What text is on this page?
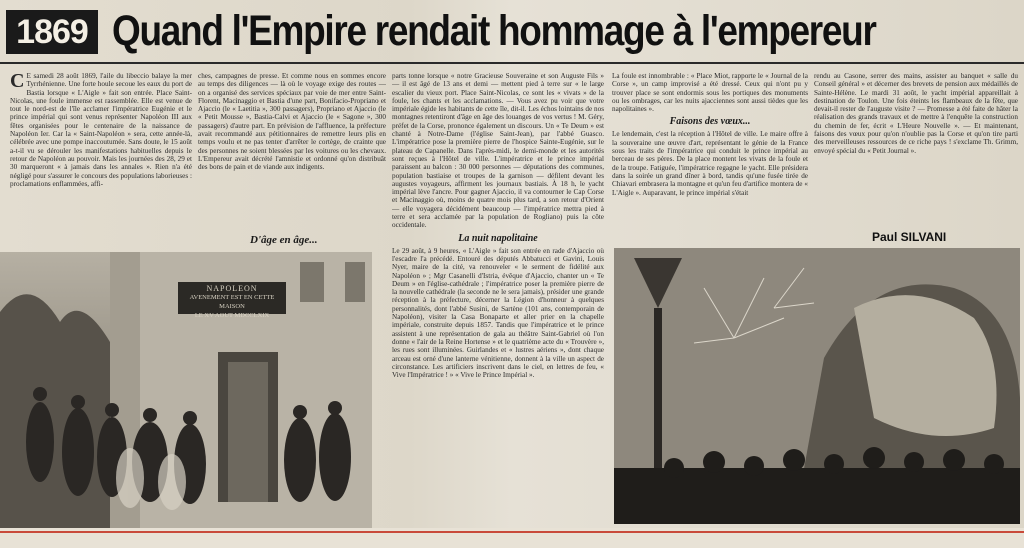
1869 Quand l'Empire rendait hommage à l'empereur
C E samedi 28 août 1869, l'aile du libeccio balaye la mer Tyrrhénienne. Une forte houle secoue les eaux du port de Bastia lorsque « L'Aigle » fait son entrée. Place Saint-Nicolas, une foule immense est rassemblée. Elle est venue de tout le nord-est de l'île acclamer l'impératrice Eugénie et le prince impérial qui sont venus représenter Napoléon III aux fêtes organisées pour le centenaire de la naissance de Napoléon Ier. Car la « Saint-Napoléon » sera, cette année-là, célébrée avec une pompe inaccoutumée. Sans doute, le 15 août a-t-il vu se dérouler les manifestations habituelles depuis le retour de Napoléon au pouvoir. Mais les journées des 28, 29 et 30 marqueront « à jamais dans les annales ». Rien n'a été négligé pour s'assurer le concours des populations laborieuses : proclamations enflammées, affi-
ches, campagnes de presse. Et comme nous en sommes encore au temps des diligences — là où le voyage exige des routes — on a organisé des services spéciaux par voie de mer entre Saint-Florent, Macinaggio et Bastia d'une part, Bonifacio-Propriano et Ajaccio (le « Laetitia », 300 passagers), Propriano et Ajaccio (le « Petit Mousse », Bastia-Calvi et Ajaccio (le « Sagone », 300 passagers) d'autre part. En prévision de l'affluence, la préfecture avait recommandé aux pétitionnaires de remettre leurs plis en temps voulu et ne pas tenter d'arrêter le cortège, de crainte que des personnes ne soient blessées par les voitures ou les chevaux. L'Empereur avait décrété l'amnistie et ordonné qu'on distribuât des bons de pain et de viande aux indigents.
D'âge en âge...
parts tonne lorsque « notre Gracieuse Souveraine et son Auguste Fils » — il est âgé de 13 ans et demi — mettent pied à terre sur « le large escalier du vieux port. Place Saint-Nicolas, ce sont les « vivats » de la foule, les chants et les acclamations. — Vous avez pu voir que votre impériale égide les habitants de cette île, dit-il. Les échos lointains de nos montagnes retentiront d'âge en âge des louanges de vos vertus ! M. Géry, préfet de la Corse, prononce également un discours. Un « Te Deum » est chanté à Notre-Dame (l'église Saint-Jean), par l'abbé Guasco. L'impératrice pose la première pierre de l'hospice Sainte-Eugénie, sur le plateau de Capanelle. Dans l'après-midi, le demi-monde et les autorités sont reçues à l'Hôtel de ville. L'impératrice et le prince impérial paraissent au balcon : 30 000 personnes — députations des communes, population bastiaise et troupes de la garnison — défilent devant les augustes voyageurs, affirment les journaux bastiais. À 18 h, le yacht impérial lève l'ancre. Pour gagner Ajaccio, il va contourner le Cap Corse et Macinaggio où, moins de quatre mois plus tard, a son retour d'Orient — elle voyagera décidément beaucoup — l'impératrice mettra pied à terre et sera acclamée par la population de Rogliano) puis la côte occidentale.
La nuit napolitaine
Le 29 août, à 9 heures, « L'Aigle » fait son entrée en rade d'Ajaccio où l'escadre l'a précédé. Entouré des députés Abbatucci et Gavini, Louis Nyer, maire de la cité, va renouveler « le serment de fidélité aux Napoléon » ; Mgr Casanelli d'Istria, évêque d'Ajaccio, chanter un « Te Deum » en l'église-cathédrale ; l'impératrice poser la première pierre de la nouvelle cathédrale (la seconde ne le sera jamais), présider une grande réception à la préfecture, décerner la Légion d'honneur à quelques personnalités, dont l'abbé Susini, de Sartène (101 ans, contemporain de Napoléon), visiter la Casa Bonaparte et aller prier en la chapelle impériale, construite depuis 1857. Tandis que l'impératrice et le prince assistent à une représentation de gala au théâtre Saint-Gabriel où l'on donne « l'air de la Reine Hortense » et le quatrième acte du « Trouvère », les rues sont illuminées. Guirlandes et « lustres aériens », dont chaque arceau est orné d'une lanterne vénitienne, donnent à la ville un aspect de circonstance. Les artificiers inscrivent dans le ciel, en lettres de feu, « Vive l'Impératrice ! » « Vive le Prince Impérial ».
La foule est innombrable : « Place Miot, rapporte le « Journal de la Corse », un camp improvisé a été dressé. Ceux qui n'ont pu y trouver place se sont endormis sous les portiques des monuments ou les ombrages, car les nuits ajacciennes sont aussi tièdes que les napolitaines ».
Faisons des vœux...
Le lendemain, c'est la réception à l'Hôtel de ville. Le maire offre à la souveraine une œuvre d'art, représentant le génie de la France sous les traits de l'impératrice qui conduit le prince impérial au berceau de ses pères. De la place montent les vivats de la foule et de la troupe. Fatiguée, l'impératrice regagne le yacht. Elle présidera dans la soirée un grand dîner à bord, tandis qu'une fusée tirée de Chiavari embrasera la montagne et qu'un feu d'artifice montera de « L'Aigle ». Auparavant, le prince impérial s'était
rendu au Casone, serrer des mains, assister au banquet « salle du Conseil général » et décerner des brevets de pension aux médaillés de Sainte-Hélène. Le mardi 31 août, le yacht impérial appareillait à destination de Toulon. Une fois éteints les flambeaux de la fête, que devait-il rester de l'auguste visite ? — Promesse a été faite de hâter la réalisation des grands travaux et de mettre à l'enquête la construction du chemin de fer, écrit « L'Heure Nouvelle ». — Et maintenant, faisons des vœux pour qu'on n'oublie pas la Corse et qu'on tire parti des merveilleuses ressources de ce riche pays ! s'exclame Th. Grimm, envoyé spécial du « Petit Journal ».
Paul SILVANI
NAPOLEON
AVENEMENT EST EN CETTE MAISON
LE XV AOUT MDCCLXIX
